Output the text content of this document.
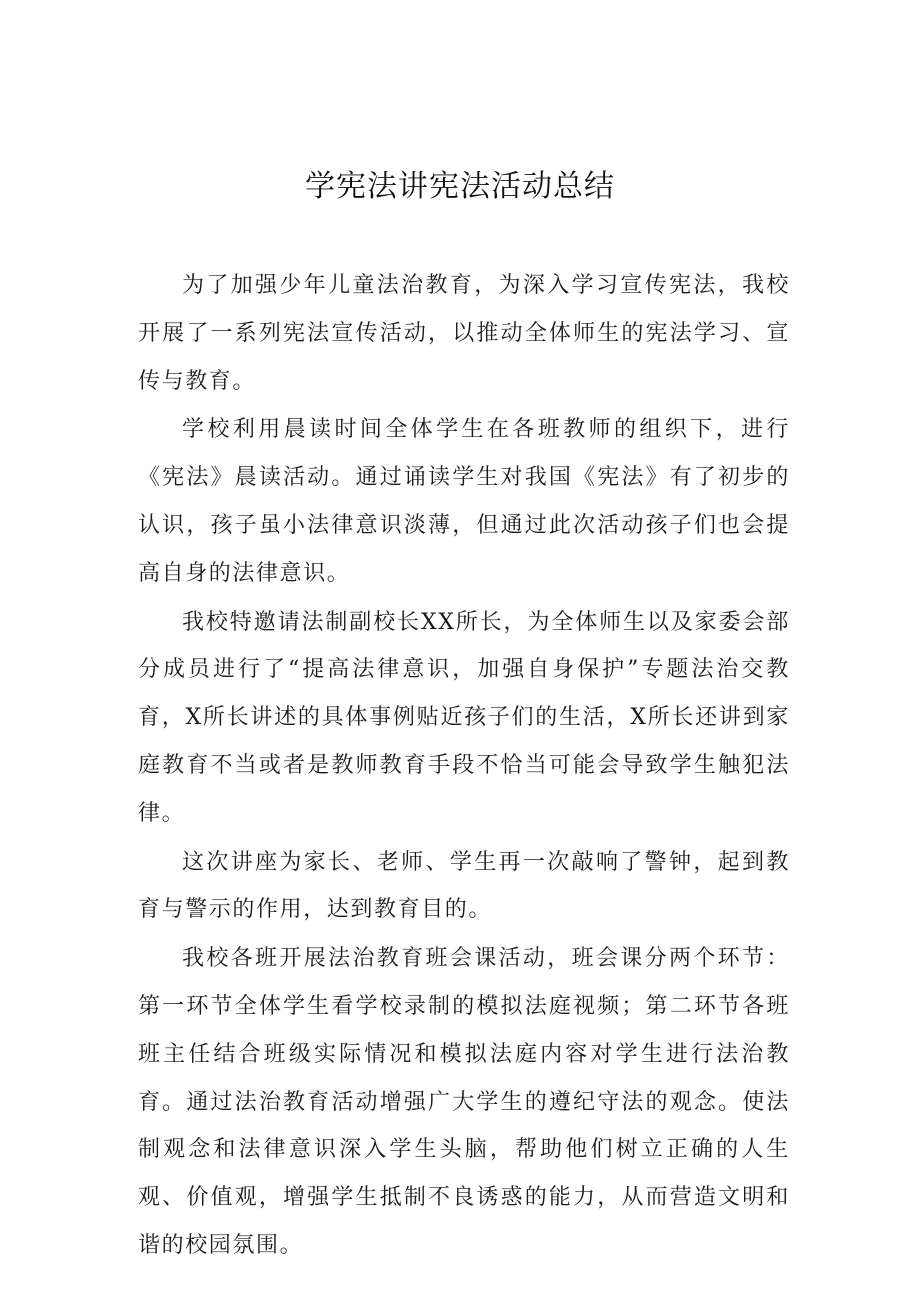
学宪法讲宪法活动总结

为了加强少年儿童法治教育，为深入学习宣传宪法，我校开展了一系列宪法宣传活动，以推动全体师生的宪法学习、宣传与教育。

学校利用晨读时间全体学生在各班教师的组织下，进行《宪法》晨读活动。通过诵读学生对我国《宪法》有了初步的认识，孩子虽小法律意识淡薄，但通过此次活动孩子们也会提高自身的法律意识。

我校特邀请法制副校长XX所长，为全体师生以及家委会部分成员进行了“提高法律意识，加强自身保护”专题法治交教育，X所长讲述的具体事例贴近孩子们的生活，X所长还讲到家庭教育不当或者是教师教育手段不恰当可能会导致学生触犯法律。

这次讲座为家长、老师、学生再一次敲响了警钟，起到教育与警示的作用，达到教育目的。

我校各班开展法治教育班会课活动，班会课分两个环节：第一环节全体学生看学校录制的模拟法庭视频；第二环节各班班主任结合班级实际情况和模拟法庭内容对学生进行法治教育。通过法治教育活动增强广大学生的遵纪守法的观念。使法制观念和法律意识深入学生头脑，帮助他们树立正确的人生观、价值观，增强学生抵制不良诱惑的能力，从而营造文明和谐的校园氛围。
